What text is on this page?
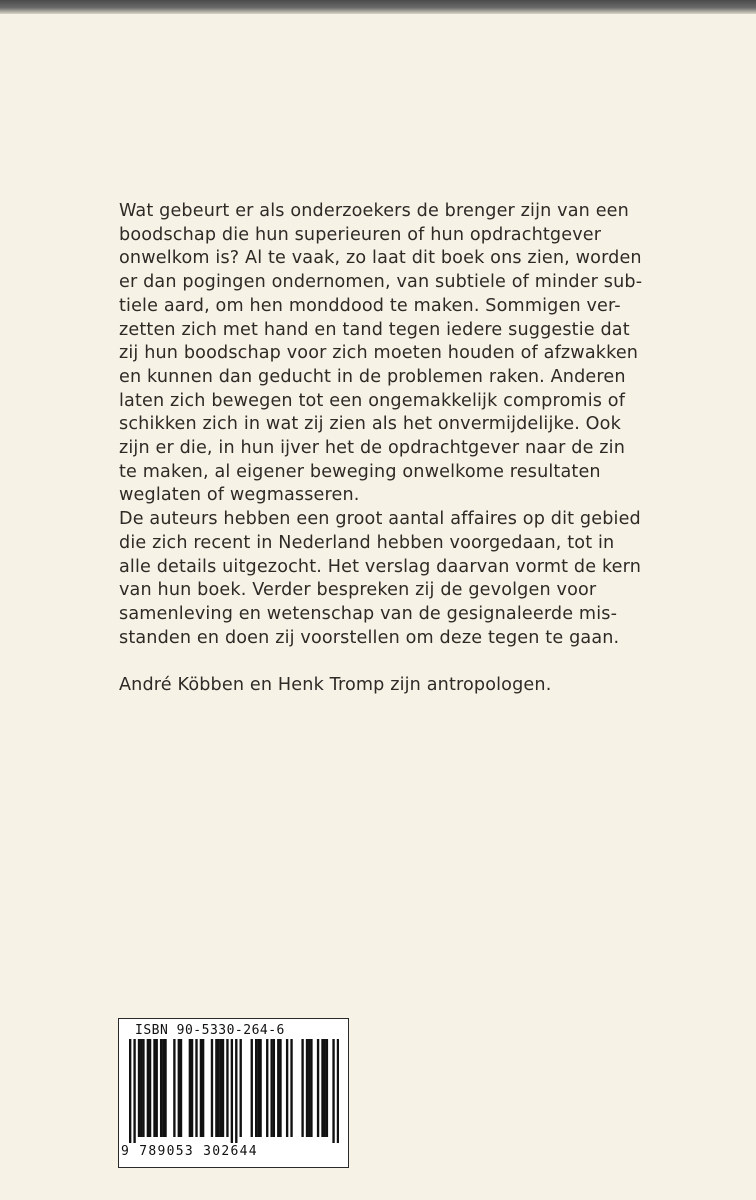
Wat gebeurt er als onderzoekers de brenger zijn van een
boodschap die hun superieuren of hun opdrachtgever
onwelkom is? Al te vaak, zo laat dit boek ons zien, worden
er dan pogingen ondernomen, van subtiele of minder sub-
tiele aard, om hen monddood te maken. Sommigen ver-
zetten zich met hand en tand tegen iedere suggestie dat
zij hun boodschap voor zich moeten houden of afzwakken
en kunnen dan geducht in de problemen raken. Anderen
laten zich bewegen tot een ongemakkelijk compromis of
schikken zich in wat zij zien als het onvermijdelijke. Ook
zijn er die, in hun ijver het de opdrachtgever naar de zin
te maken, al eigener beweging onwelkome resultaten
weglaten of wegmasseren.
De auteurs hebben een groot aantal affaires op dit gebied
die zich recent in Nederland hebben voorgedaan, tot in
alle details uitgezocht. Het verslag daarvan vormt de kern
van hun boek. Verder bespreken zij de gevolgen voor
samenleving en wetenschap van de gesignaleerde mis-
standen en doen zij voorstellen om deze tegen te gaan.
André Köbben en Henk Tromp zijn antropologen.
ISBN 90-5330-264-6
9 789053 302644
